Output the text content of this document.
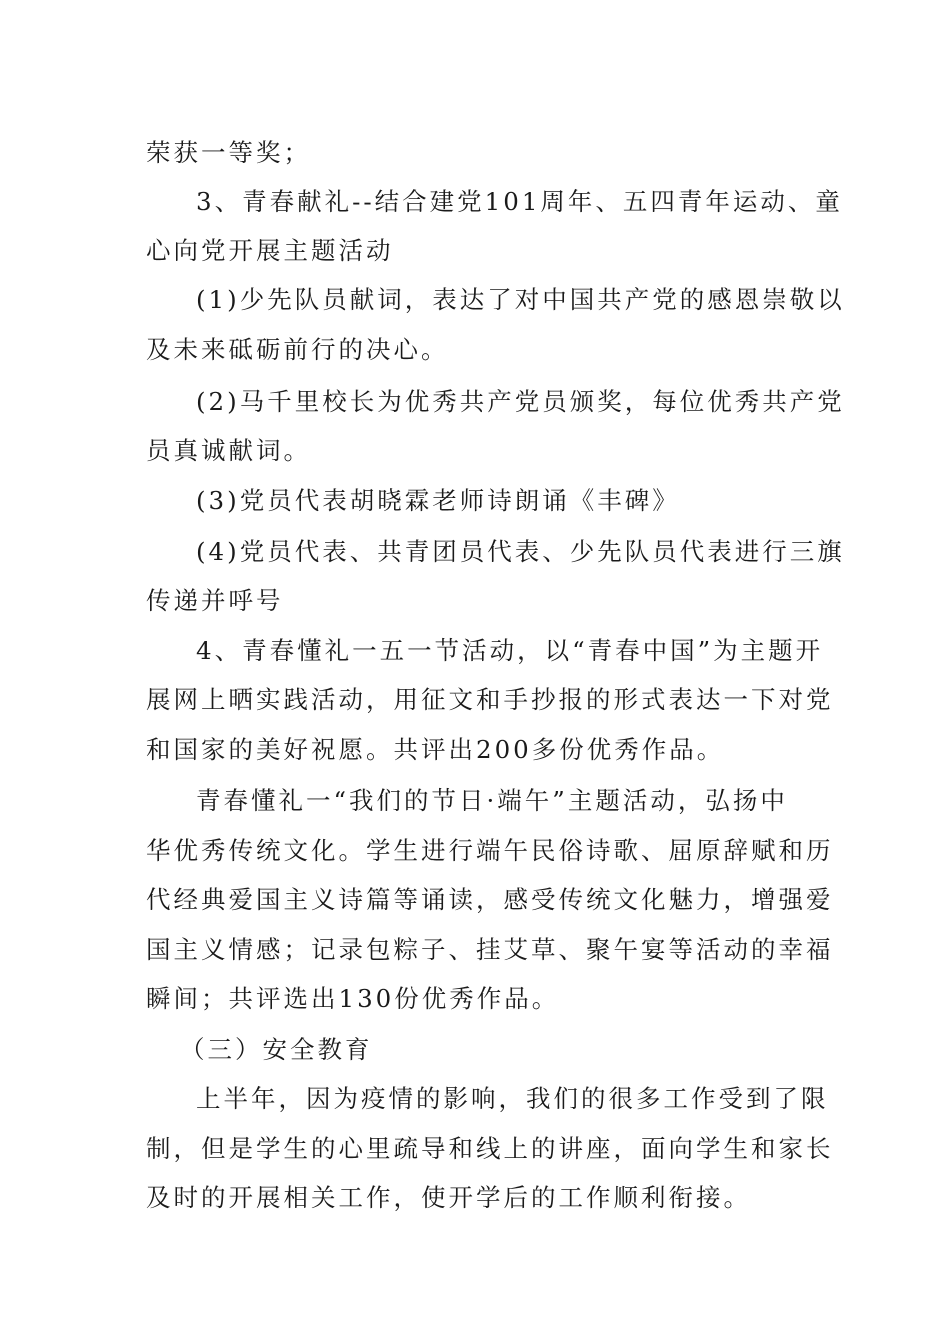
荣获一等奖；
3、青春献礼--结合建党101周年、五四青年运动、童
心向党开展主题活动
(1)少先队员献词，表达了对中国共产党的感恩崇敬以
及未来砥砺前行的决心。
(2)马千里校长为优秀共产党员颁奖，每位优秀共产党
员真诚献词。
(3)党员代表胡晓霖老师诗朗诵《丰碑》
(4)党员代表、共青团员代表、少先队员代表进行三旗
传递并呼号
4、青春懂礼一五一节活动，以“青春中国”为主题开
展网上晒实践活动，用征文和手抄报的形式表达一下对党
和国家的美好祝愿。共评出200多份优秀作品。
青春懂礼一“我们的节日·端午”主题活动，弘扬中
华优秀传统文化。学生进行端午民俗诗歌、屈原辞赋和历
代经典爱国主义诗篇等诵读，感受传统文化魅力，增强爱
国主义情感；记录包粽子、挂艾草、聚午宴等活动的幸福
瞬间；共评选出130份优秀作品。
（三）安全教育
上半年，因为疫情的影响，我们的很多工作受到了限
制，但是学生的心里疏导和线上的讲座，面向学生和家长
及时的开展相关工作，使开学后的工作顺利衔接。
